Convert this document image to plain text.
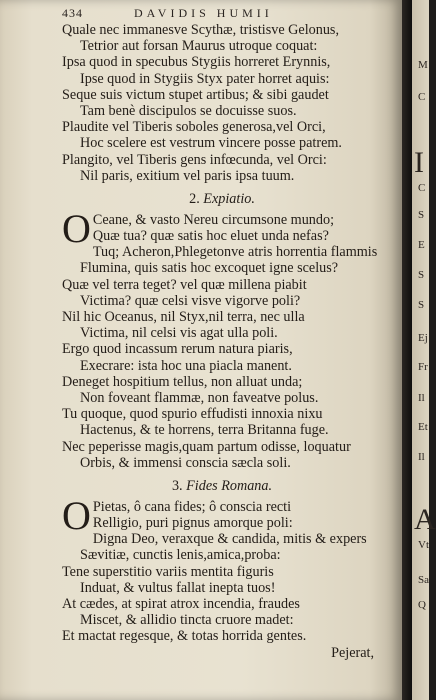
434	DAVIDIS HUMII
Quale nec immanesve Scythæ, tristisve Gelonus,
Tetrior aut forsan Maurus utroque coquat:
Ipsa quod in specubus Stygiis horreret Erynnis,
Ipse quod in Stygiis Styx pater horret aquis:
Seque suis victum stupet artibus; & sibi gaudet
Tam benè discipulos se docuisse suos.
Plaudite vel Tiberis soboles generosa,vel Orci,
Hoc scelere est vestrum vincere posse patrem.
Plangito, vel Tiberis gens infœcunda, vel Orci:
Nil paris, exitium vel paris ipsa tuum.
2. Expiatio.
O Ceane, & vasto Nereu circumsone mundo;
Quæ tua? quæ satis hoc eluet unda nefas?
Tuq; Acheron,Phlegetonve atris horrentia flammis
Flumina, quis satis hoc excoquet igne scelus?
Quæ vel terra teget? vel quæ millena piabit
Victima? quæ celsi visve vigorve poli?
Nil hic Oceanus, nil Styx,nil terra, nec ulla
Victima, nil celsi vis agat ulla poli.
Ergo quod incassum rerum natura piaris,
Execrare: ista hoc una piacla manent.
Deneget hospitium tellus, non alluat unda;
Non foveant flammæ, non faveatve polus.
Tu quoque, quod spurio effudisti innoxia nixu
Hactenus, & te horrens, terra Britanna fuge.
Nec peperisse magis,quam partum odisse, loquatur
Orbis, & immensi conscia sæcla soli.
3. Fides Romana.
O Pietas, ô cana fides; ô conscia recti
Relligio, puri pignus amorque poli:
Digna Deo, veraxque & candida, mitis & expers
Sævitiæ, cunctis lenis,amica,proba:
Tene superstitio variis mentita figuris
Induat, & vultus fallat inepta tuos!
At cædes, at spirat atrox incendia, fraudes
Miscet, & allidio tincta cruore madet:
Et mactat regesque, & totas horrida gentes.
Pejerat,
M
C
I
C
S
E
S
S
Ej
Fr
Il
Et
Il
A
Vt
Sa
Q
